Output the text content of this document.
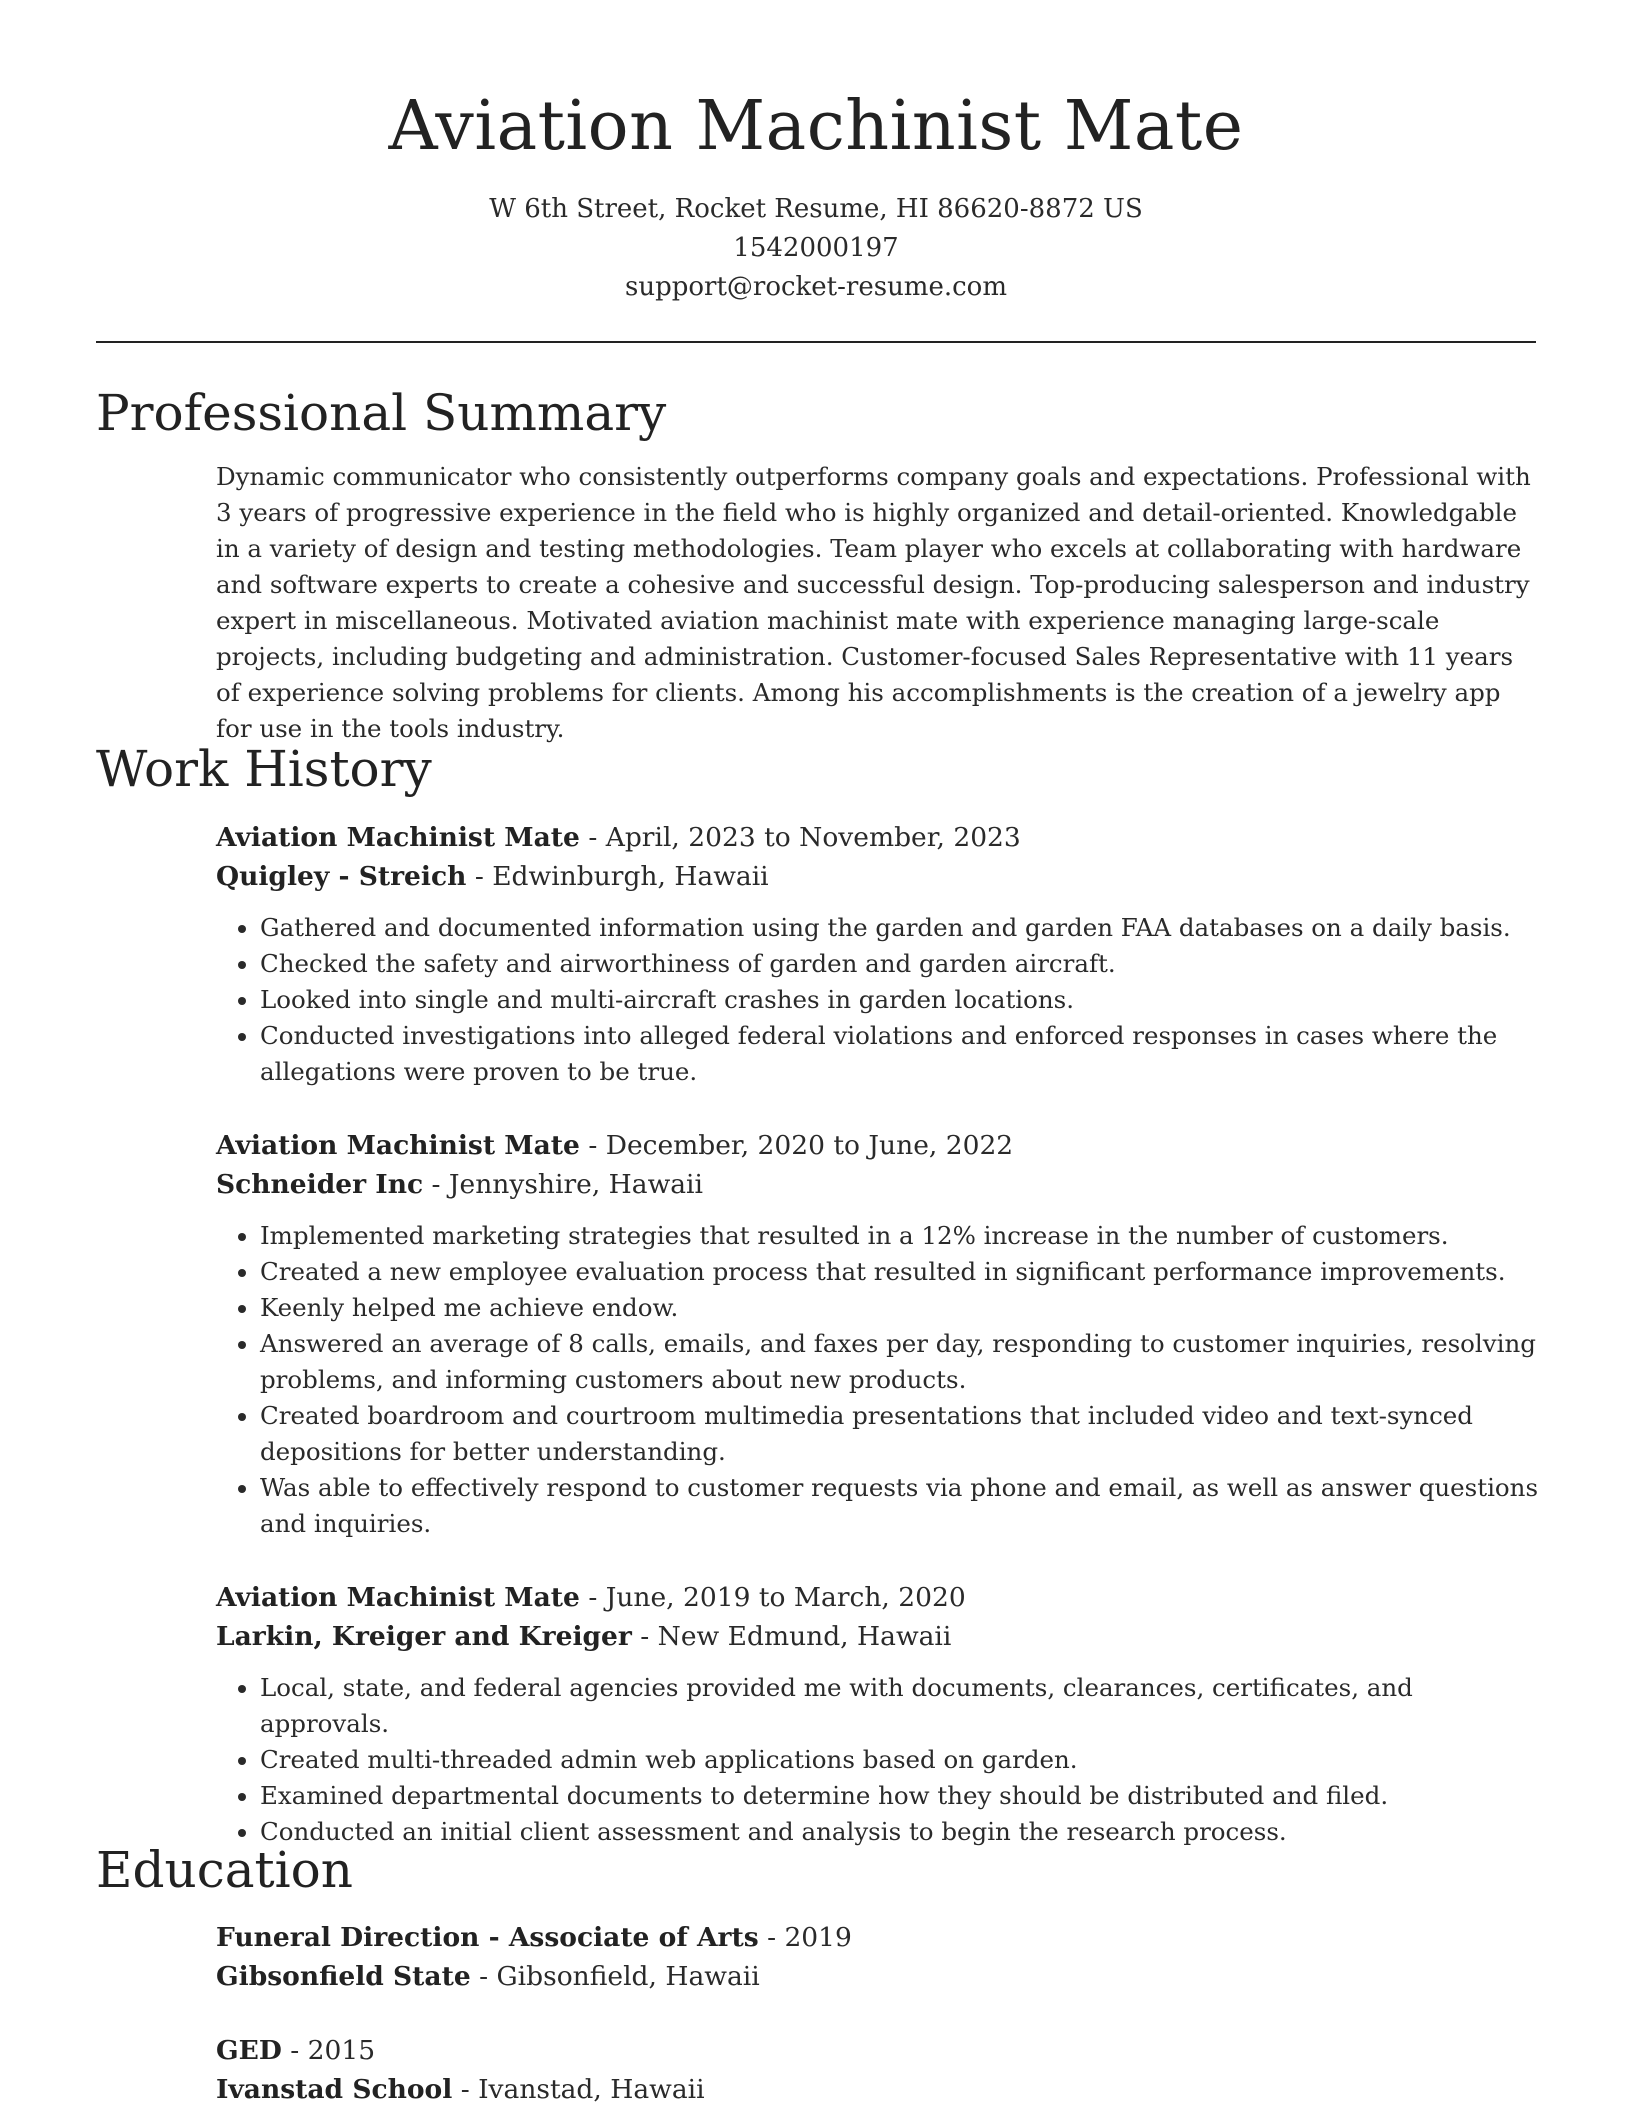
Aviation Machinist Mate

W 6th Street, Rocket Resume, HI 86620-8872 US

1542000197

support@rocket-resume.com

Professional Summary

Dynamic communicator who consistently outperforms company goals and expectations. Professional with 3 years of progressive experience in the field who is highly organized and detail-oriented. Knowledgable in a variety of design and testing methodologies. Team player who excels at collaborating with hardware and software experts to create a cohesive and successful design. Top-producing salesperson and industry expert in miscellaneous. Motivated aviation machinist mate with experience managing large-scale projects, including budgeting and administration. Customer-focused Sales Representative with 11 years of experience solving problems for clients. Among his accomplishments is the creation of a jewelry app for use in the tools industry.

Work History

Aviation Machinist Mate - April, 2023 to November, 2023

Quigley - Streich - Edwinburgh, Hawaii

• Gathered and documented information using the garden and garden FAA databases on a daily basis.
• Checked the safety and airworthiness of garden and garden aircraft.
• Looked into single and multi-aircraft crashes in garden locations.
• Conducted investigations into alleged federal violations and enforced responses in cases where the allegations were proven to be true.

Aviation Machinist Mate - December, 2020 to June, 2022

Schneider Inc - Jennyshire, Hawaii

• Implemented marketing strategies that resulted in a 12% increase in the number of customers.
• Created a new employee evaluation process that resulted in significant performance improvements.
• Keenly helped me achieve endow.
• Answered an average of 8 calls, emails, and faxes per day, responding to customer inquiries, resolving problems, and informing customers about new products.
• Created boardroom and courtroom multimedia presentations that included video and text-synced depositions for better understanding.
• Was able to effectively respond to customer requests via phone and email, as well as answer questions and inquiries.

Aviation Machinist Mate - June, 2019 to March, 2020

Larkin, Kreiger and Kreiger - New Edmund, Hawaii

• Local, state, and federal agencies provided me with documents, clearances, certificates, and approvals.
• Created multi-threaded admin web applications based on garden.
• Examined departmental documents to determine how they should be distributed and filed.
• Conducted an initial client assessment and analysis to begin the research process.
Education

Funeral Direction - Associate of Arts - 2019

Gibsonfield State - Gibsonfield, Hawaii

GED - 2015

Ivanstad School - Ivanstad, Hawaii
